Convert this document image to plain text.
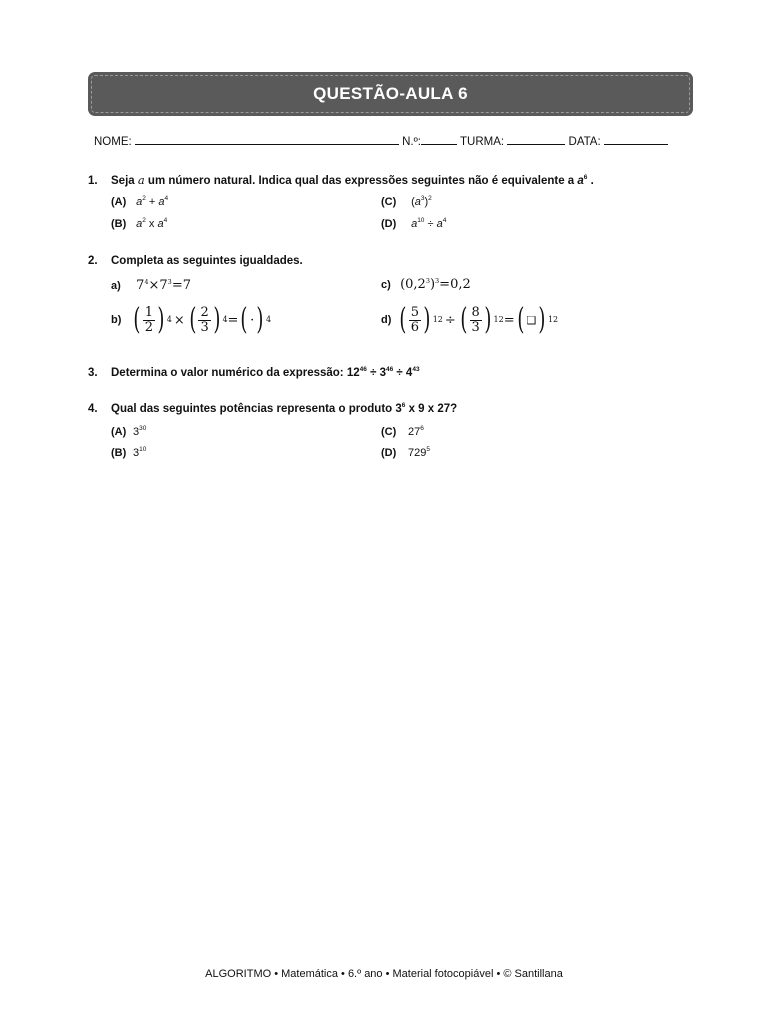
QUESTÃO-AULA 6
NOME:	N.º:	TURMA:	DATA:
1. Seja a um número natural. Indica qual das expressões seguintes não é equivalente a $a^6$ .
(A) $a^2 + a^4$
(B) $a^2$ x $a^4$
(C) $(a^3)^2$
(D) $a^{10} \div a^4$
2. Completa as seguintes igualdades.
a) $7^4\times 7^3=7$	c) $(0,2^3)^3=0,2$
b) ( $\frac{1}{2}$ ) 4 × ( $\frac{2}{3}$ ) 4 = ( · ) 4	d) ( $\frac{5}{6}$ ) 12 ÷ ( $\frac{8}{3}$ ) 12 = ( ❑ ) 12
3. Determina o valor numérico da expressão: $12^{46} \div 3^{46} \div 4^{43}$
4. Qual das seguintes potências representa o produto $3^6$ x 9 x 27?
(A) $3^{30}$
(B) $3^{10}$
(C) $27^6$
(D) $729^5$
ALGORITMO • Matemática • 6.º ano • Material fotocopiável • © Santillana
